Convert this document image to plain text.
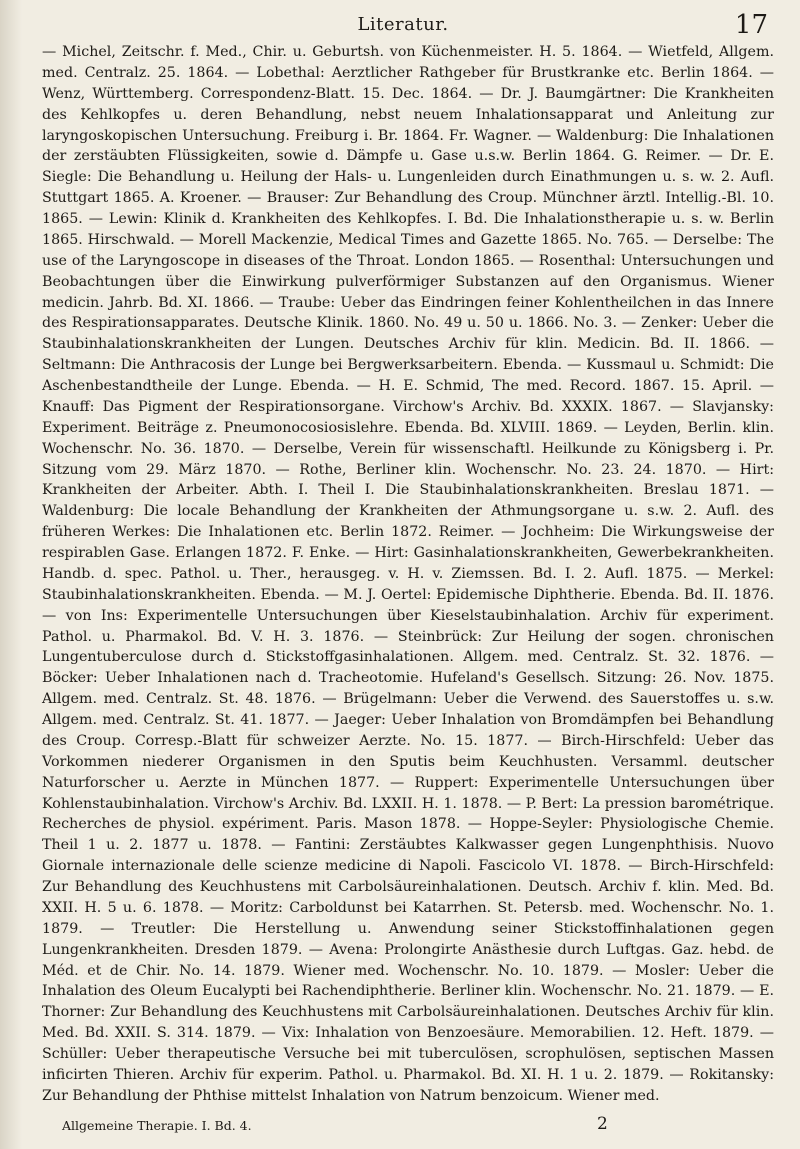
Literatur.	17

— Michel, Zeitschr. f. Med., Chir. u. Geburtsh. von Küchenmeister. H. 5. 1864. — Wietfeld, Allgem. med. Centralz. 25. 1864. — Lobethal: Aerztlicher Rathgeber für Brustkranke etc. Berlin 1864. — Wenz, Württemberg. Correspondenz-Blatt. 15. Dec. 1864. — Dr. J. Baumgärtner: Die Krankheiten des Kehlkopfes u. deren Behandlung, nebst neuem Inhalationsapparat und Anleitung zur laryngoskopischen Untersuchung. Freiburg i. Br. 1864. Fr. Wagner. — Waldenburg: Die Inhalationen der zerstäubten Flüssigkeiten, sowie d. Dämpfe u. Gase u.s.w. Berlin 1864. G. Reimer. — Dr. E. Siegle: Die Behandlung u. Heilung der Hals- u. Lungenleiden durch Einathmungen u. s. w. 2. Aufl. Stuttgart 1865. A. Kroener. — Brauser: Zur Behandlung des Croup. Münchner ärztl. Intellig.-Bl. 10. 1865. — Lewin: Klinik d. Krankheiten des Kehlkopfes. I. Bd. Die Inhalationstherapie u. s. w. Berlin 1865. Hirschwald. — Morell Mackenzie, Medical Times and Gazette 1865. No. 765. — Derselbe: The use of the Laryngoscope in diseases of the Throat. London 1865. — Rosenthal: Untersuchungen und Beobachtungen über die Einwirkung pulverförmiger Substanzen auf den Organismus. Wiener medicin. Jahrb. Bd. XI. 1866. — Traube: Ueber das Eindringen feiner Kohlentheilchen in das Innere des Respirationsapparates. Deutsche Klinik. 1860. No. 49 u. 50 u. 1866. No. 3. — Zenker: Ueber die Staubinhalationskrankheiten der Lungen. Deutsches Archiv für klin. Medicin. Bd. II. 1866. — Seltmann: Die Anthracosis der Lunge bei Bergwerksarbeitern. Ebenda. — Kussmaul u. Schmidt: Die Aschenbestandtheile der Lunge. Ebenda. — H. E. Schmid, The med. Record. 1867. 15. April. — Knauff: Das Pigment der Respirationsorgane. Virchow's Archiv. Bd. XXXIX. 1867. — Slavjansky: Experiment. Beiträge z. Pneumonocosiosislehre. Ebenda. Bd. XLVIII. 1869. — Leyden, Berlin. klin. Wochenschr. No. 36. 1870. — Derselbe, Verein für wissenschaftl. Heilkunde zu Königsberg i. Pr. Sitzung vom 29. März 1870. — Rothe, Berliner klin. Wochenschr. No. 23. 24. 1870. — Hirt: Krankheiten der Arbeiter. Abth. I. Theil I. Die Staubinhalationskrankheiten. Breslau 1871. — Waldenburg: Die locale Behandlung der Krankheiten der Athmungsorgane u. s.w. 2. Aufl. des früheren Werkes: Die Inhalationen etc. Berlin 1872. Reimer. — Jochheim: Die Wirkungsweise der respirablen Gase. Erlangen 1872. F. Enke. — Hirt: Gasinhalationskrankheiten, Gewerbekrankheiten. Handb. d. spec. Pathol. u. Ther., herausgeg. v. H. v. Ziemssen. Bd. I. 2. Aufl. 1875. — Merkel: Staubinhalationskrankheiten. Ebenda. — M. J. Oertel: Epidemische Diphtherie. Ebenda. Bd. II. 1876. — von Ins: Experimentelle Untersuchungen über Kieselstaubinhalation. Archiv für experiment. Pathol. u. Pharmakol. Bd. V. H. 3. 1876. — Steinbrück: Zur Heilung der sogen. chronischen Lungentuberculose durch d. Stickstoffgasinhalationen. Allgem. med. Centralz. St. 32. 1876. — Böcker: Ueber Inhalationen nach d. Tracheotomie. Hufeland's Gesellsch. Sitzung: 26. Nov. 1875. Allgem. med. Centralz. St. 48. 1876. — Brügelmann: Ueber die Verwend. des Sauerstoffes u. s.w. Allgem. med. Centralz. St. 41. 1877. — Jaeger: Ueber Inhalation von Bromdämpfen bei Behandlung des Croup. Corresp.-Blatt für schweizer Aerzte. No. 15. 1877. — Birch-Hirschfeld: Ueber das Vorkommen niederer Organismen in den Sputis beim Keuchhusten. Versamml. deutscher Naturforscher u. Aerzte in München 1877. — Ruppert: Experimentelle Untersuchungen über Kohlenstaubinhalation. Virchow's Archiv. Bd. LXXII. H. 1. 1878. — P. Bert: La pression barométrique. Recherches de physiol. expériment. Paris. Mason 1878. — Hoppe-Seyler: Physiologische Chemie. Theil 1 u. 2. 1877 u. 1878. — Fantini: Zerstäubtes Kalkwasser gegen Lungenphthisis. Nuovo Giornale internazionale delle scienze medicine di Napoli. Fascicolo VI. 1878. — Birch-Hirschfeld: Zur Behandlung des Keuchhustens mit Carbolsäureinhalationen. Deutsch. Archiv f. klin. Med. Bd. XXII. H. 5 u. 6. 1878. — Moritz: Carboldunst bei Katarrhen. St. Petersb. med. Wochenschr. No. 1. 1879. — Treutler: Die Herstellung u. Anwendung seiner Stickstoffinhalationen gegen Lungenkrankheiten. Dresden 1879. — Avena: Prolongirte Anästhesie durch Luftgas. Gaz. hebd. de Méd. et de Chir. No. 14. 1879. Wiener med. Wochenschr. No. 10. 1879. — Mosler: Ueber die Inhalation des Oleum Eucalypti bei Rachendiphtherie. Berliner klin. Wochenschr. No. 21. 1879. — E. Thorner: Zur Behandlung des Keuchhustens mit Carbolsäureinhalationen. Deutsches Archiv für klin. Med. Bd. XXII. S. 314. 1879. — Vix: Inhalation von Benzoesäure. Memorabilien. 12. Heft. 1879. — Schüller: Ueber therapeutische Versuche bei mit tuberculösen, scrophulösen, septischen Massen inficirten Thieren. Archiv für experim. Pathol. u. Pharmakol. Bd. XI. H. 1 u. 2. 1879. — Rokitansky: Zur Behandlung der Phthise mittelst Inhalation von Natrum benzoicum. Wiener med.

Allgemeine Therapie. I. Bd. 4.	2
